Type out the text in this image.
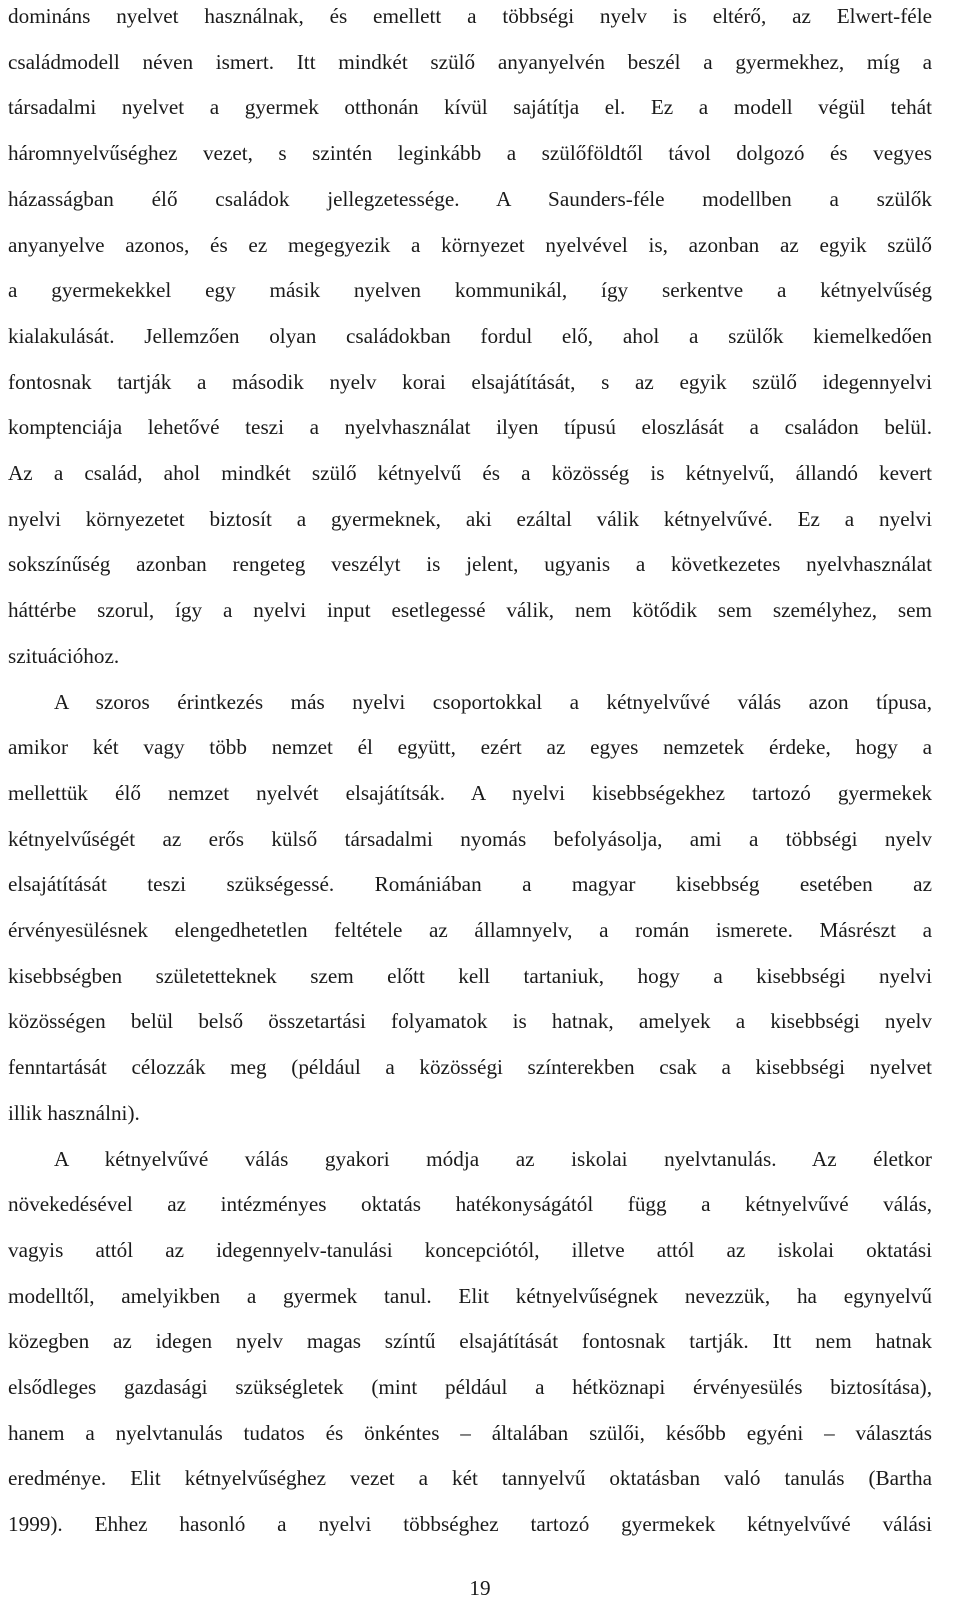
domináns nyelvet használnak, és emellett a többségi nyelv is eltérő, az Elwert-féle
családmodell néven ismert. Itt mindkét szülő anyanyelvén beszél a gyermekhez, míg a
társadalmi nyelvet a gyermek otthonán kívül sajátítja el. Ez a modell végül tehát
háromnyelvűséghez vezet, s szintén leginkább a szülőföldtől távol dolgozó és vegyes
házasságban élő családok jellegzetessége. A Saunders-féle modellben a szülők
anyanyelve azonos, és ez megegyezik a környezet nyelvével is, azonban az egyik szülő
a gyermekekkel egy másik nyelven kommunikál, így serkentve a kétnyelvűség
kialakulását. Jellemzően olyan családokban fordul elő, ahol a szülők kiemelkedően
fontosnak tartják a második nyelv korai elsajátítását, s az egyik szülő idegennyelvi
komptenciája lehetővé teszi a nyelvhasználat ilyen típusú eloszlását a családon belül.
Az a család, ahol mindkét szülő kétnyelvű és a közösség is kétnyelvű, állandó kevert
nyelvi környezetet biztosít a gyermeknek, aki ezáltal válik kétnyelvűvé. Ez a nyelvi
sokszínűség azonban rengeteg veszélyt is jelent, ugyanis a következetes nyelvhasználat
háttérbe szorul, így a nyelvi input esetlegessé válik, nem kötődik sem személyhez, sem
szituációhoz.
A szoros érintkezés más nyelvi csoportokkal a kétnyelvűvé válás azon típusa,
amikor két vagy több nemzet él együtt, ezért az egyes nemzetek érdeke, hogy a
mellettük élő nemzet nyelvét elsajátítsák. A nyelvi kisebbségekhez tartozó gyermekek
kétnyelvűségét az erős külső társadalmi nyomás befolyásolja, ami a többségi nyelv
elsajátítását teszi szükségessé. Romániában a magyar kisebbség esetében az
érvényesülésnek elengedhetetlen feltétele az államnyelv, a román ismerete. Másrészt a
kisebbségben születetteknek szem előtt kell tartaniuk, hogy a kisebbségi nyelvi
közösségen belül belső összetartási folyamatok is hatnak, amelyek a kisebbségi nyelv
fenntartását célozzák meg (például a közösségi színterekben csak a kisebbségi nyelvet
illik használni).
A kétnyelvűvé válás gyakori módja az iskolai nyelvtanulás. Az életkor
növekedésével az intézményes oktatás hatékonyságától függ a kétnyelvűvé válás,
vagyis attól az idegennyelv-tanulási koncepciótól, illetve attól az iskolai oktatási
modelltől, amelyikben a gyermek tanul. Elit kétnyelvűségnek nevezzük, ha egynyelvű
közegben az idegen nyelv magas színtű elsajátítását fontosnak tartják. Itt nem hatnak
elsődleges gazdasági szükségletek (mint például a hétköznapi érvényesülés biztosítása),
hanem a nyelvtanulás tudatos és önkéntes – általában szülői, később egyéni – választás
eredménye. Elit kétnyelvűséghez vezet a két tannyelvű oktatásban való tanulás (Bartha
1999). Ehhez hasonló a nyelvi többséghez tartozó gyermekek kétnyelvűvé válási
19
